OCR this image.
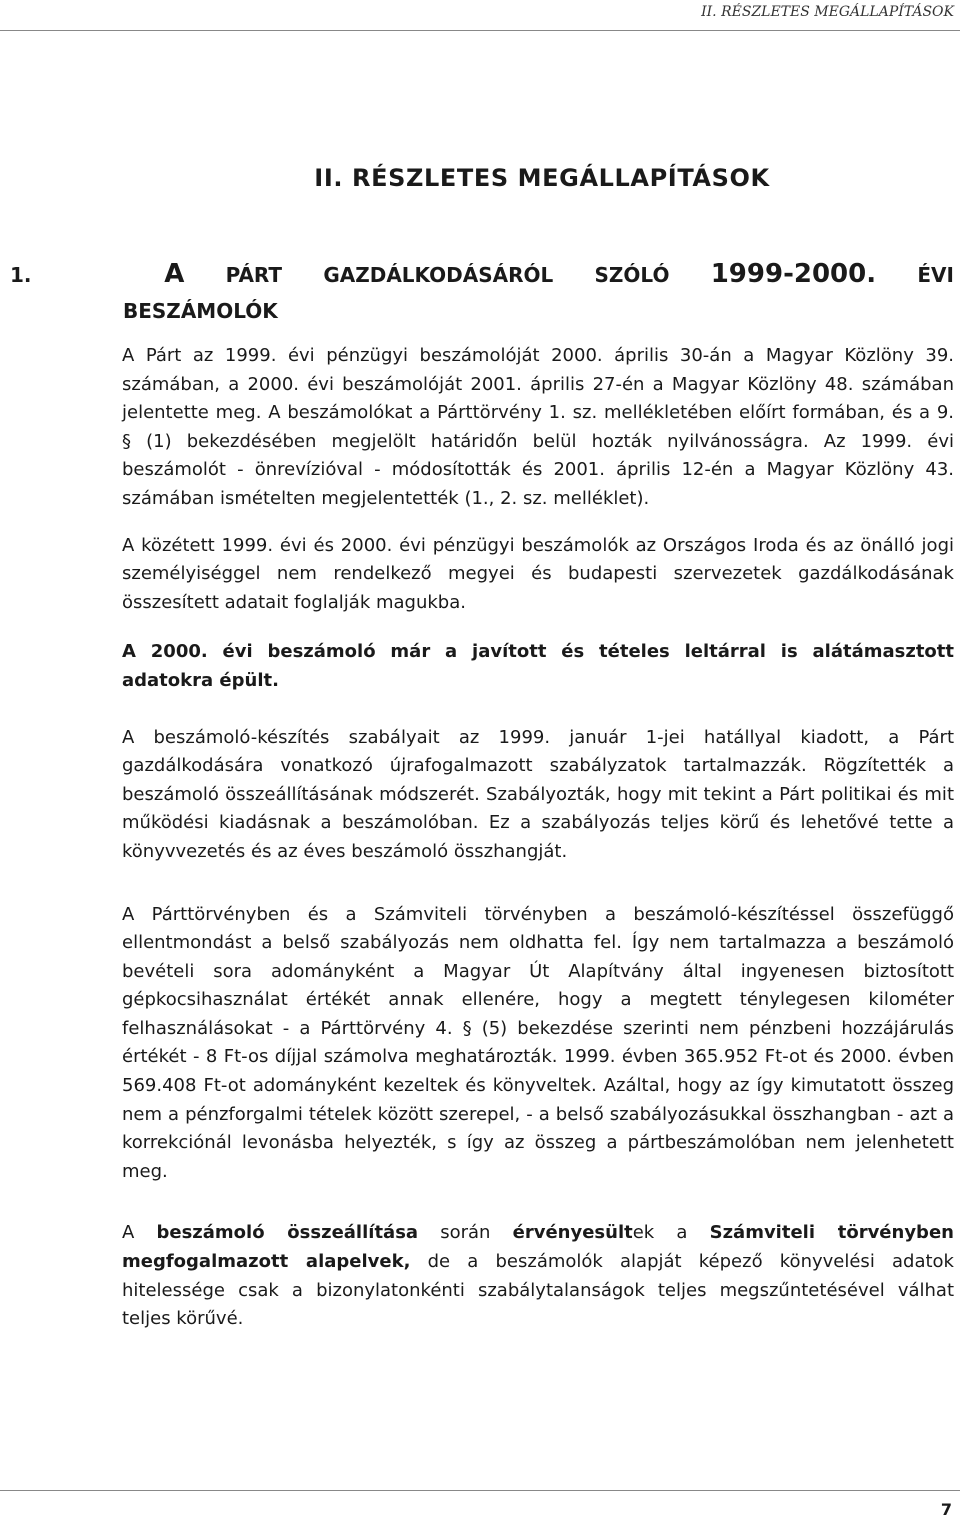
II. RÉSZLETES MEGÁLLAPÍTÁSOK
II. RÉSZLETES MEGÁLLAPÍTÁSOK
1.	A PÁRT GAZDÁLKODÁSÁRÓL SZÓLÓ 1999-2000. ÉVI
BESZÁMOLÓK

A Párt az 1999. évi pénzügyi beszámolóját 2000. április 30-án a Magyar Közlöny 39. számában, a 2000. évi beszámolóját 2001. április 27-én a Magyar Közlöny 48. számában jelentette meg. A beszámolókat a Párttörvény 1. sz. mellékletében előírt formában, és a 9. § (1) bekezdésében megjelölt határidőn belül hozták nyilvánosságra. Az 1999. évi beszámolót - önrevízióval - módosították és 2001. április 12-én a Magyar Közlöny 43. számában ismételten megjelentették (1., 2. sz. melléklet).

A közétett 1999. évi és 2000. évi pénzügyi beszámolók az Országos Iroda és az önálló jogi személyiséggel nem rendelkező megyei és budapesti szervezetek gazdálkodásának összesített adatait foglalják magukba.

A 2000. évi beszámoló már a javított és tételes leltárral is alátámasztott adatokra épült.

A beszámoló-készítés szabályait az 1999. január 1-jei hatállyal kiadott, a Párt gazdálkodására vonatkozó újrafogalmazott szabályzatok tartalmazzák. Rögzítették a beszámoló összeállításának módszerét. Szabályozták, hogy mit tekint a Párt politikai és mit működési kiadásnak a beszámolóban. Ez a szabályozás teljes körű és lehetővé tette a könyvvezetés és az éves beszámoló összhangját.

A Párttörvényben és a Számviteli törvényben a beszámoló-készítéssel összefüggő ellentmondást a belső szabályozás nem oldhatta fel. Így nem tartalmazza a beszámoló bevételi sora adományként a Magyar Út Alapítvány által ingyenesen biztosított gépkocsihasználat értékét annak ellenére, hogy a megtett ténylegesen kilométer felhasználásokat - a Párttörvény 4. § (5) bekezdése szerinti nem pénzbeni hozzájárulás értékét - 8 Ft-os díjjal számolva meghatározták. 1999. évben 365.952 Ft-ot és 2000. évben 569.408 Ft-ot adományként kezeltek és könyveltek. Azáltal, hogy az így kimutatott összeg nem a pénzforgalmi tételek között szerepel, - a belső szabályozásukkal összhangban - azt a korrekciónál levonásba helyezték, s így az összeg a pártbeszámolóban nem jelenhetett meg.

A beszámoló összeállítása során érvényesültek a Számviteli törvényben megfogalmazott alapelvek, de a beszámolók alapját képező könyvelési adatok hitelessége csak a bizonylatonkénti szabálytalanságok teljes megszűntetésével válhat teljes körűvé.

7
